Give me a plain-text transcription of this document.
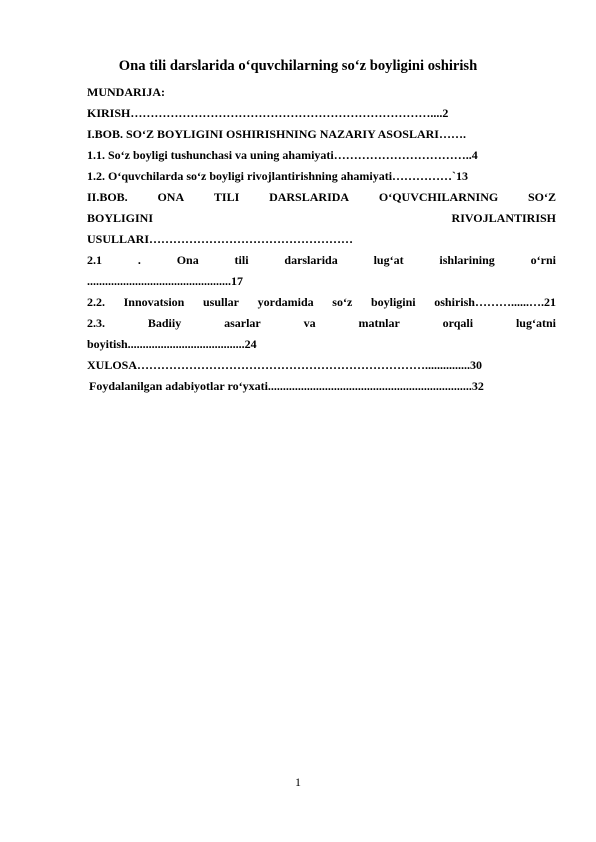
Ona tili darslarida oʻquvchilarning soʻz boyligini oshirish
MUNDARIJA:
KIRISH…………………………………………………………………....2
I.BOB. SOʻZ BOYLIGINI OSHIRISHNING NAZARIY ASOSLARI…….
1.1. Soʻz boyligi tushunchasi va uning ahamiyati……………………………..4
1.2. Oʻquvchilarda soʻz boyligi rivojlantirishning ahamiyati……………`13
II.BOB. ONA TILI DARSLARIDA OʻQUVCHILARNING SOʻZ
BOYLIGINI	RIVOJLANTIRISH
USULLARI……………………………………………
2.1	.	Ona	tili	darslarida	lugʻat	ishlarining	oʻrni
................................................17
2.2. Innovatsion usullar yordamida soʻz boyligini oshirish………......….21
2.3.	Badiiy	asarlar	va	matnlar	orqali	lugʻatni
boyitish.......................................24
XULOSA………………………………………………………………...............30
Foydalanilgan adabiyotlar roʻyxati....................................................................32
1
